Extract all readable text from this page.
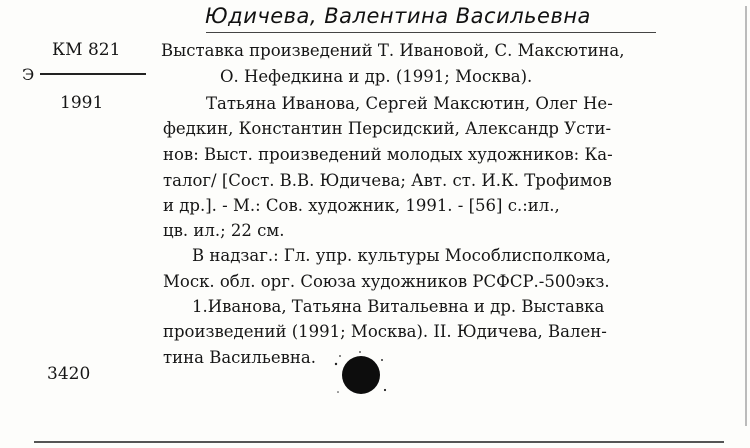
Юдичева, Валентина Васильевна
КМ 821
Э
1991
3420
Выставка произведений Т. Ивановой, С. Максютина,
О. Нефедкина и др. (1991; Москва).
Татьяна Иванова, Сергей Максютин, Олег Не-
федкин, Константин Персидский, Александр Усти-
нов: Выст. произведений молодых художников: Ка-
талог/ [Сост. В.В. Юдичева; Авт. ст. И.К. Трофимов
и др.]. - М.: Сов. художник, 1991. - [56] с.:ил.,
цв. ил.; 22 см.
В надзаг.: Гл. упр. культуры Мособлисполкома,
Моск. обл. орг. Союза художников РСФСР.-500экз.
1.Иванова, Татьяна Витальевна и др. Выставка
произведений (1991; Москва). II. Юдичева, Вален-
тина Васильевна.
